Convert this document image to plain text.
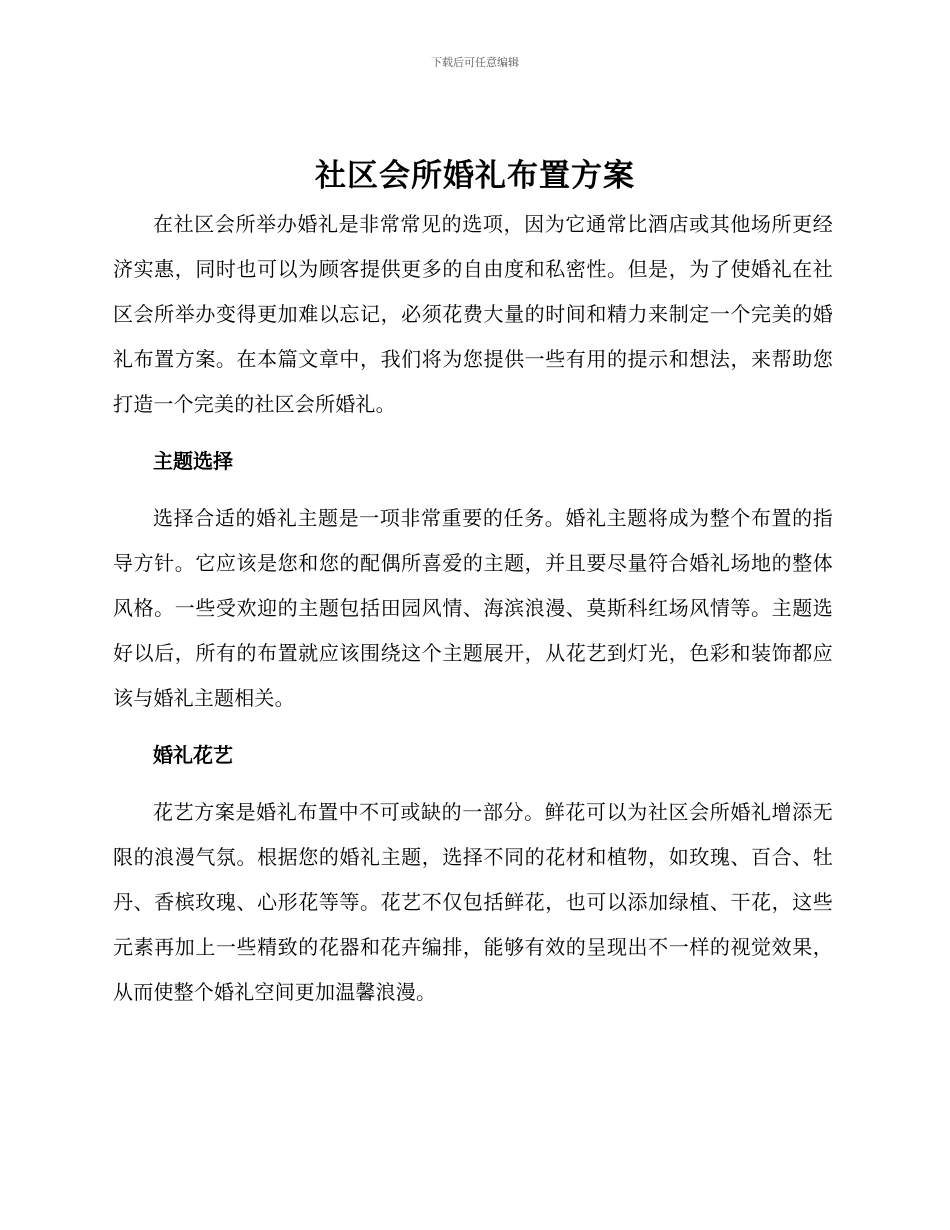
下载后可任意编辑
社区会所婚礼布置方案

在社区会所举办婚礼是非常常见的选项，因为它通常比酒店或其他场所更经济实惠，同时也可以为顾客提供更多的自由度和私密性。但是，为了使婚礼在社区会所举办变得更加难以忘记，必须花费大量的时间和精力来制定一个完美的婚礼布置方案。在本篇文章中，我们将为您提供一些有用的提示和想法，来帮助您打造一个完美的社区会所婚礼。

主题选择

选择合适的婚礼主题是一项非常重要的任务。婚礼主题将成为整个布置的指导方针。它应该是您和您的配偶所喜爱的主题，并且要尽量符合婚礼场地的整体风格。一些受欢迎的主题包括田园风情、海滨浪漫、莫斯科红场风情等。主题选好以后，所有的布置就应该围绕这个主题展开，从花艺到灯光，色彩和装饰都应该与婚礼主题相关。

婚礼花艺

花艺方案是婚礼布置中不可或缺的一部分。鲜花可以为社区会所婚礼增添无限的浪漫气氛。根据您的婚礼主题，选择不同的花材和植物，如玫瑰、百合、牡丹、香槟玫瑰、心形花等等。花艺不仅包括鲜花，也可以添加绿植、干花，这些元素再加上一些精致的花器和花卉编排，能够有效的呈现出不一样的视觉效果，从而使整个婚礼空间更加温馨浪漫。
